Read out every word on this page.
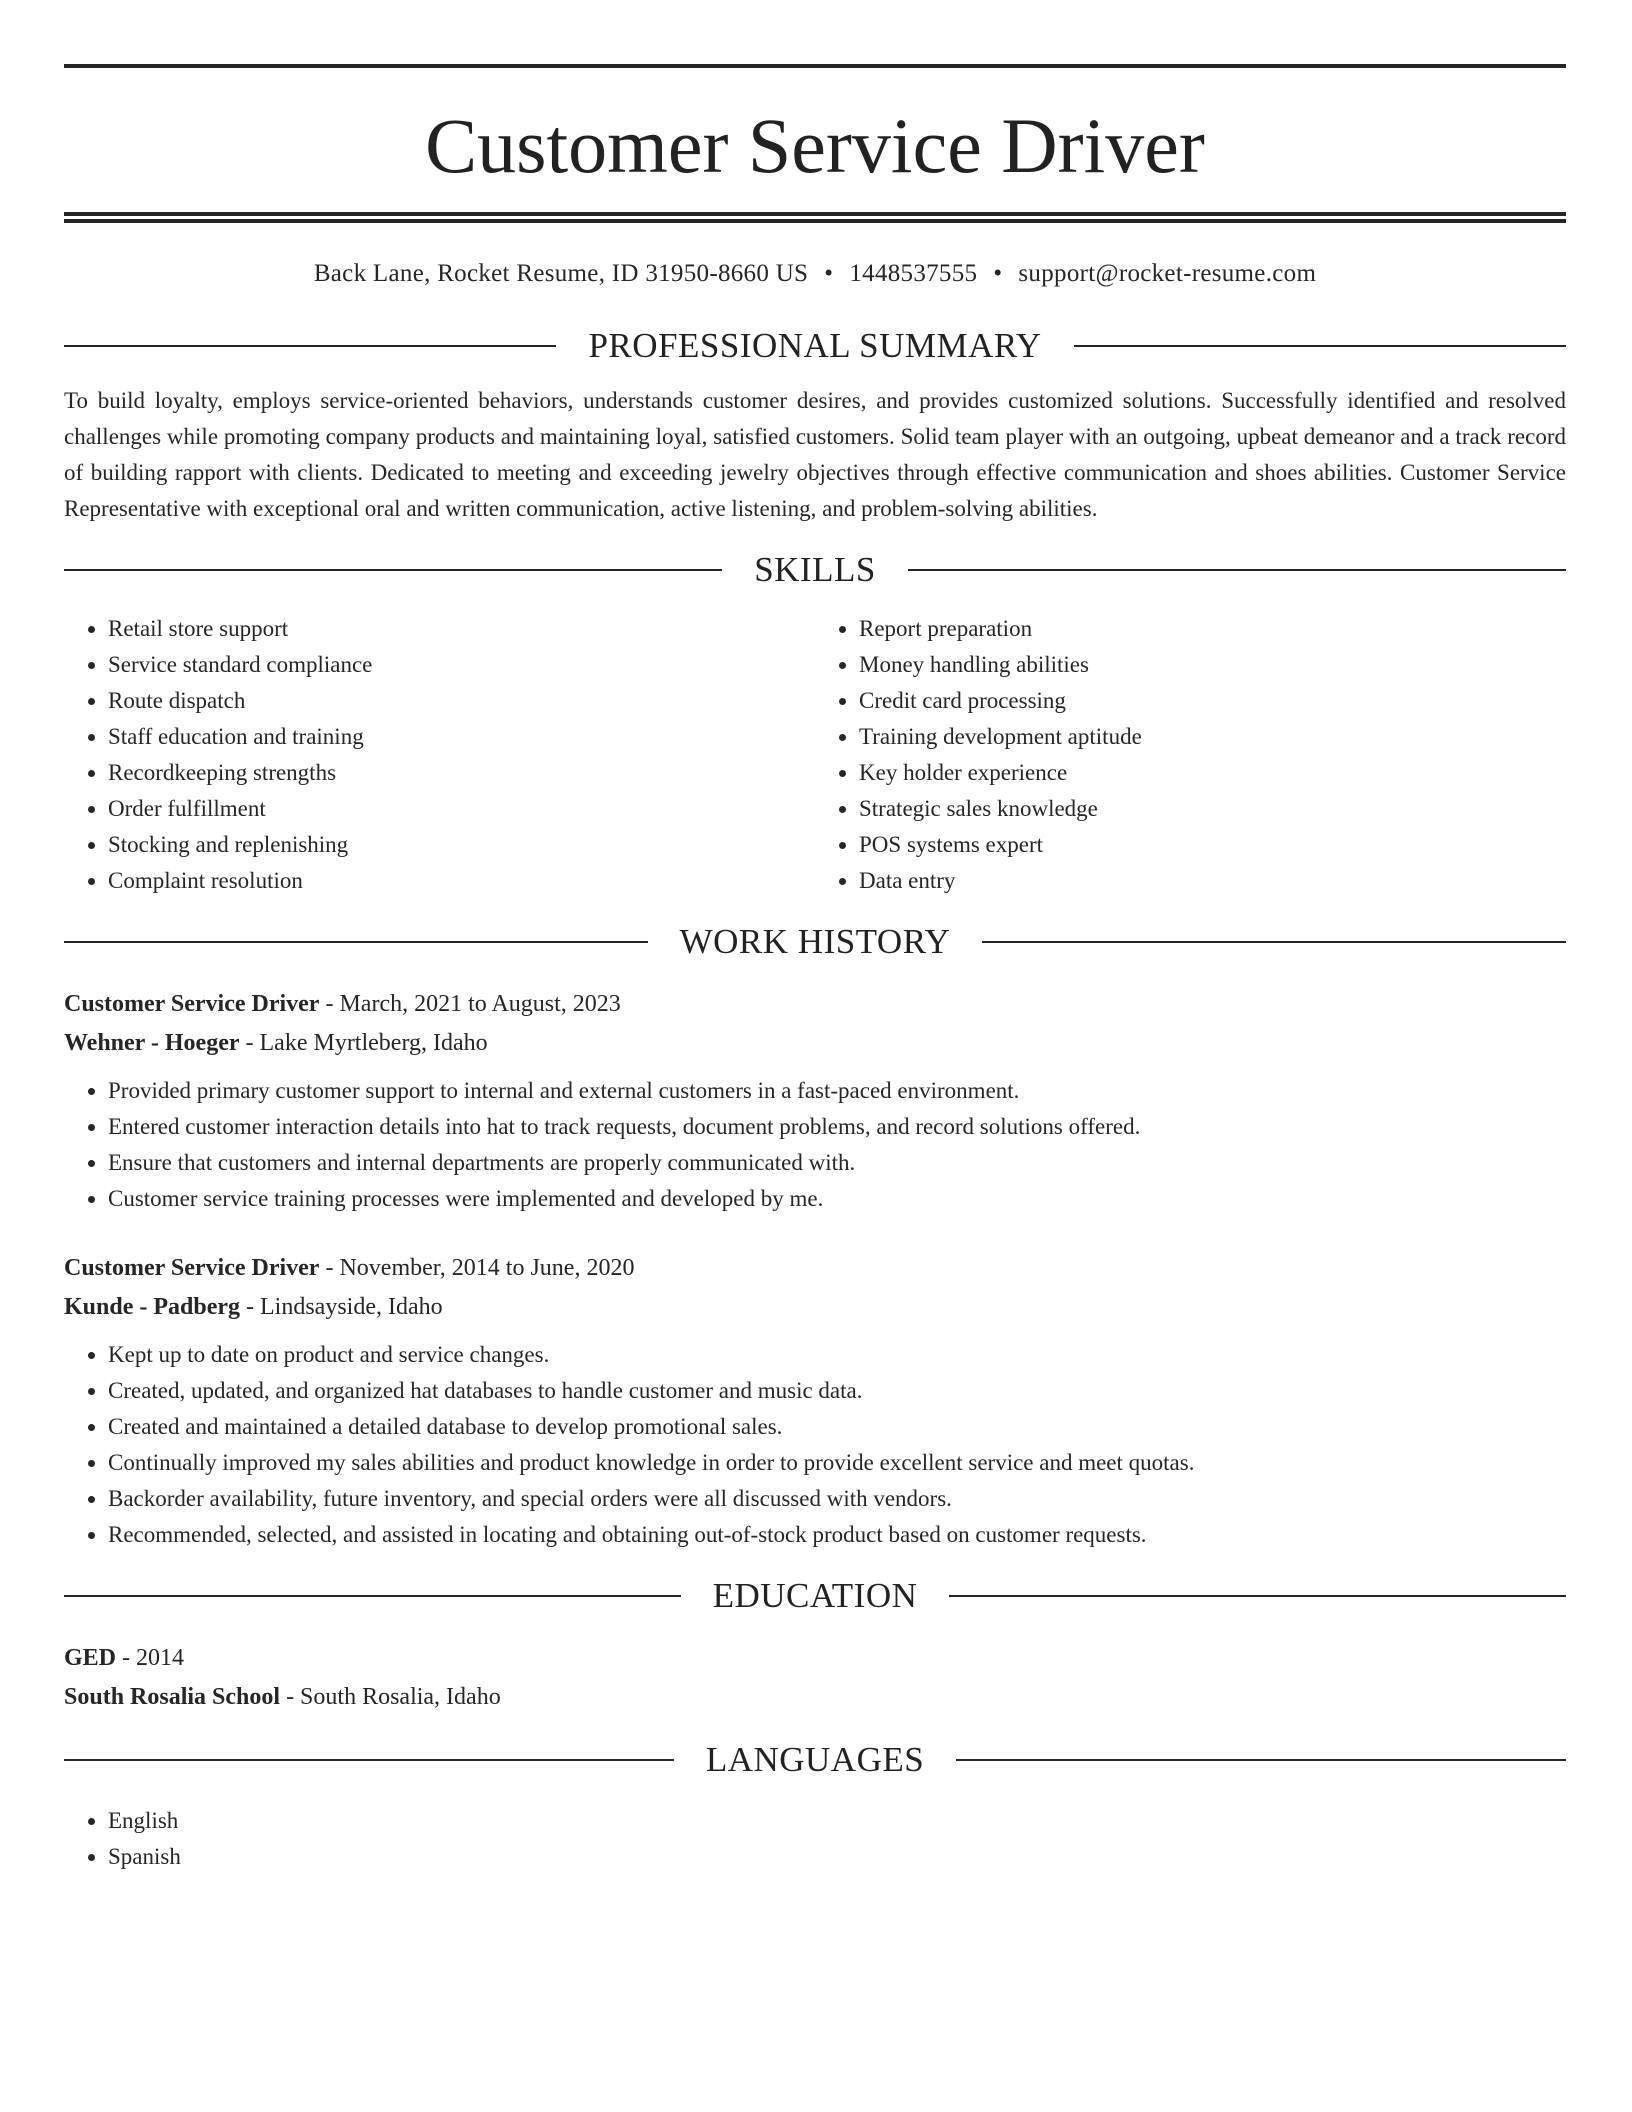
Customer Service Driver
Back Lane, Rocket Resume, ID 31950-8660 US • 1448537555 • support@rocket-resume.com
PROFESSIONAL SUMMARY
To build loyalty, employs service-oriented behaviors, understands customer desires, and provides customized solutions. Successfully identified and resolved challenges while promoting company products and maintaining loyal, satisfied customers. Solid team player with an outgoing, upbeat demeanor and a track record of building rapport with clients. Dedicated to meeting and exceeding jewelry objectives through effective communication and shoes abilities. Customer Service Representative with exceptional oral and written communication, active listening, and problem-solving abilities.
SKILLS
• Retail store support
• Service standard compliance
• Route dispatch
• Staff education and training
• Recordkeeping strengths
• Order fulfillment
• Stocking and replenishing
• Complaint resolution
• Report preparation
• Money handling abilities
• Credit card processing
• Training development aptitude
• Key holder experience
• Strategic sales knowledge
• POS systems expert
• Data entry
WORK HISTORY
Customer Service Driver - March, 2021 to August, 2023
Wehner - Hoeger - Lake Myrtleberg, Idaho
• Provided primary customer support to internal and external customers in a fast-paced environment.
• Entered customer interaction details into hat to track requests, document problems, and record solutions offered.
• Ensure that customers and internal departments are properly communicated with.
• Customer service training processes were implemented and developed by me.
Customer Service Driver - November, 2014 to June, 2020
Kunde - Padberg - Lindsayside, Idaho
• Kept up to date on product and service changes.
• Created, updated, and organized hat databases to handle customer and music data.
• Created and maintained a detailed database to develop promotional sales.
• Continually improved my sales abilities and product knowledge in order to provide excellent service and meet quotas.
• Backorder availability, future inventory, and special orders were all discussed with vendors.
• Recommended, selected, and assisted in locating and obtaining out-of-stock product based on customer requests.
EDUCATION
GED - 2014
South Rosalia School - South Rosalia, Idaho
LANGUAGES
• English
• Spanish
